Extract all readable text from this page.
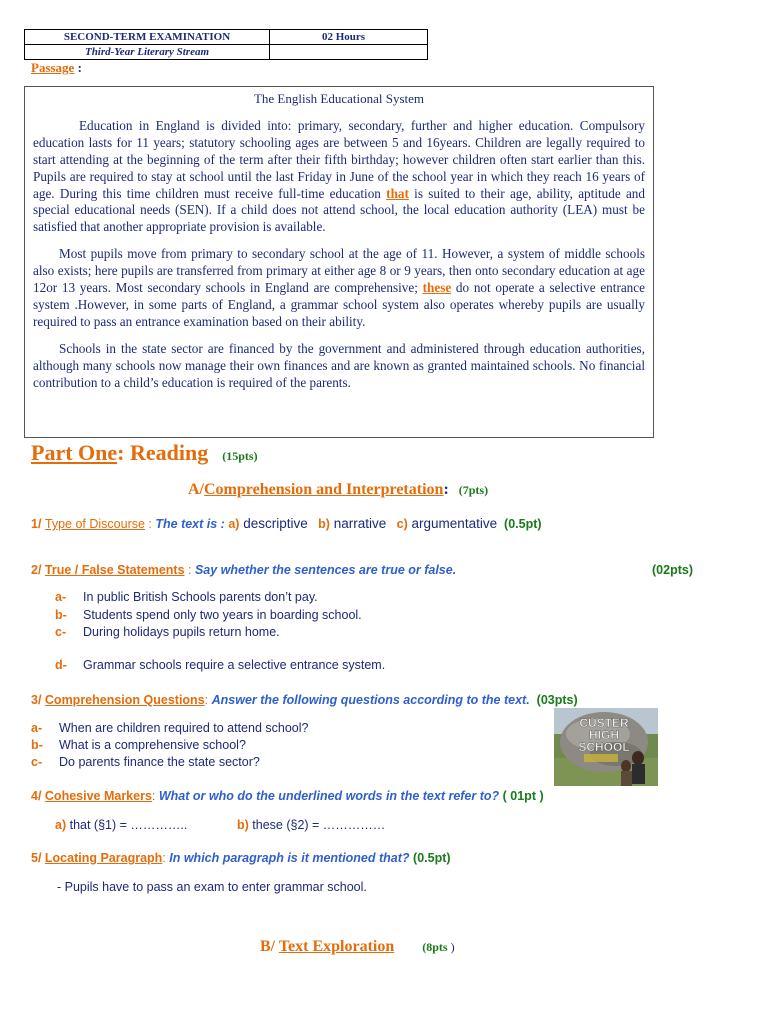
SECOND-TERM EXAMINATION
Third-Year Literary Stream
02 Hours
Passage :
The English Educational System

Education in England is divided into: primary, secondary, further and higher education. Compulsory education lasts for 11 years; statutory schooling ages are between 5 and 16years. Children are legally required to start attending at the beginning of the term after their fifth birthday; however children often start earlier than this. Pupils are required to stay at school until the last Friday in June of the school year in which they reach 16 years of age. During this time children must receive full-time education that is suited to their age, ability, aptitude and special educational needs (SEN). If a child does not attend school, the local education authority (LEA) must be satisfied that another appropriate provision is available.

Most pupils move from primary to secondary school at the age of 11. However, a system of middle schools also exists; here pupils are transferred from primary at either age 8 or 9 years, then onto secondary education at age 12or 13 years. Most secondary schools in England are comprehensive; these do not operate a selective entrance system .However, in some parts of England, a grammar school system also operates whereby pupils are usually required to pass an entrance examination based on their ability.

Schools in the state sector are financed by the government and administered through education authorities, although many schools now manage their own finances and are known as granted maintained schools. No financial contribution to a child’s education is required of the parents.

Part One: Reading (15pts)
A/Comprehension and Interpretation: (7pts)
1/ Type of Discourse : The text is : a) descriptive b) narrative c) argumentative (0.5pt)
2/ True / False Statements : Say whether the sentences are true or false.	(02pts)
a- In public British Schools parents don’t pay.
b- Students spend only two years in boarding school.
c- During holidays pupils return home.
d- Grammar schools require a selective entrance system.
3/ Comprehension Questions: Answer the following questions according to the text. (03pts)
a- When are children required to attend school?
b- What is a comprehensive school?
c- Do parents finance the state sector?
CUSTER
HIGH
SCHOOL
4/ Cohesive Markers: What or who do the underlined words in the text refer to? ( 01pt )
a) that (§1) = …………..	b) these (§2) = ……………
5/ Locating Paragraph: In which paragraph is it mentioned that? (0.5pt)
- Pupils have to pass an exam to enter grammar school.
B/ Text Exploration (8pts )
